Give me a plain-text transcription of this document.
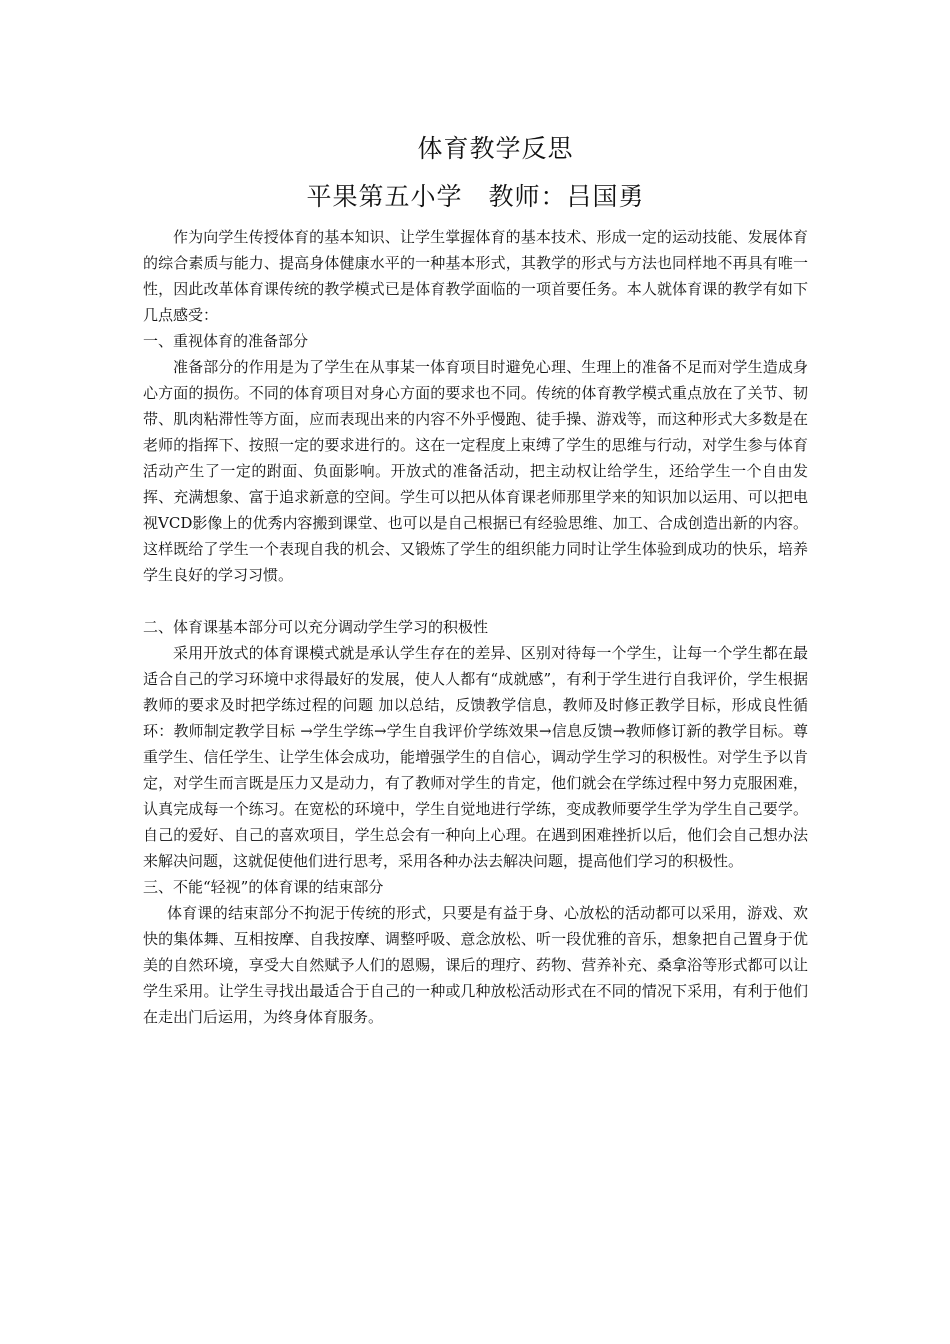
体育教学反思
平果第五小学　教师：吕国勇

作为向学生传授体育的基本知识、让学生掌握体育的基本技术、形成一定的运动技能、发展体育的综合素质与能力、提高身体健康水平的一种基本形式，其教学的形式与方法也同样地不再具有唯一性，因此改革体育课传统的教学模式已是体育教学面临的一项首要任务。本人就体育课的教学有如下几点感受：

一、重视体育的准备部分

准备部分的作用是为了学生在从事某一体育项目时避免心理、生理上的准备不足而对学生造成身心方面的损伤。不同的体育项目对身心方面的要求也不同。传统的体育教学模式重点放在了关节、韧带、肌肉粘滞性等方面，应而表现出来的内容不外乎慢跑、徒手操、游戏等，而这种形式大多数是在老师的指挥下、按照一定的要求进行的。这在一定程度上束缚了学生的思维与行动，对学生参与体育活动产生了一定的跗面、负面影响。开放式的准备活动，把主动权让给学生，还给学生一个自由发挥、充满想象、富于追求新意的空间。学生可以把从体育课老师那里学来的知识加以运用、可以把电视VCD影像上的优秀内容搬到课堂、也可以是自己根据已有经验思维、加工、合成创造出新的内容。这样既给了学生一个表现自我的机会、又锻炼了学生的组织能力同时让学生体验到成功的快乐，培养学生良好的学习习惯。

二、体育课基本部分可以充分调动学生学习的积极性

采用开放式的体育课模式就是承认学生存在的差异、区别对待每一个学生，让每一个学生都在最适合自己的学习环境中求得最好的发展，使人人都有“成就感”，有利于学生进行自我评价，学生根据教师的要求及时把学练过程的问题 加以总结，反馈教学信息，教师及时修正教学目标，形成良性循环：教师制定教学目标 →学生学练→学生自我评价学练效果→信息反馈→教师修订新的教学目标。尊重学生、信任学生、让学生体会成功，能增强学生的自信心，调动学生学习的积极性。对学生予以肯定，对学生而言既是压力又是动力，有了教师对学生的肯定，他们就会在学练过程中努力克服困难，认真完成每一个练习。在宽松的环境中，学生自觉地进行学练，变成教师要学生学为学生自己要学。自己的爱好、自己的喜欢项目，学生总会有一种向上心理。在遇到困难挫折以后，他们会自己想办法来解决问题，这就促使他们进行思考，采用各种办法去解决问题，提高他们学习的积极性。

三、不能“轻视”的体育课的结束部分

体育课的结束部分不拘泥于传统的形式，只要是有益于身、心放松的活动都可以采用，游戏、欢快的集体舞、互相按摩、自我按摩、调整呼吸、意念放松、听一段优雅的音乐，想象把自己置身于优美的自然环境，享受大自然赋予人们的恩赐，课后的理疗、药物、营养补充、桑拿浴等形式都可以让学生采用。让学生寻找出最适合于自己的一种或几种放松活动形式在不同的情况下采用，有利于他们在走出门后运用，为终身体育服务。
